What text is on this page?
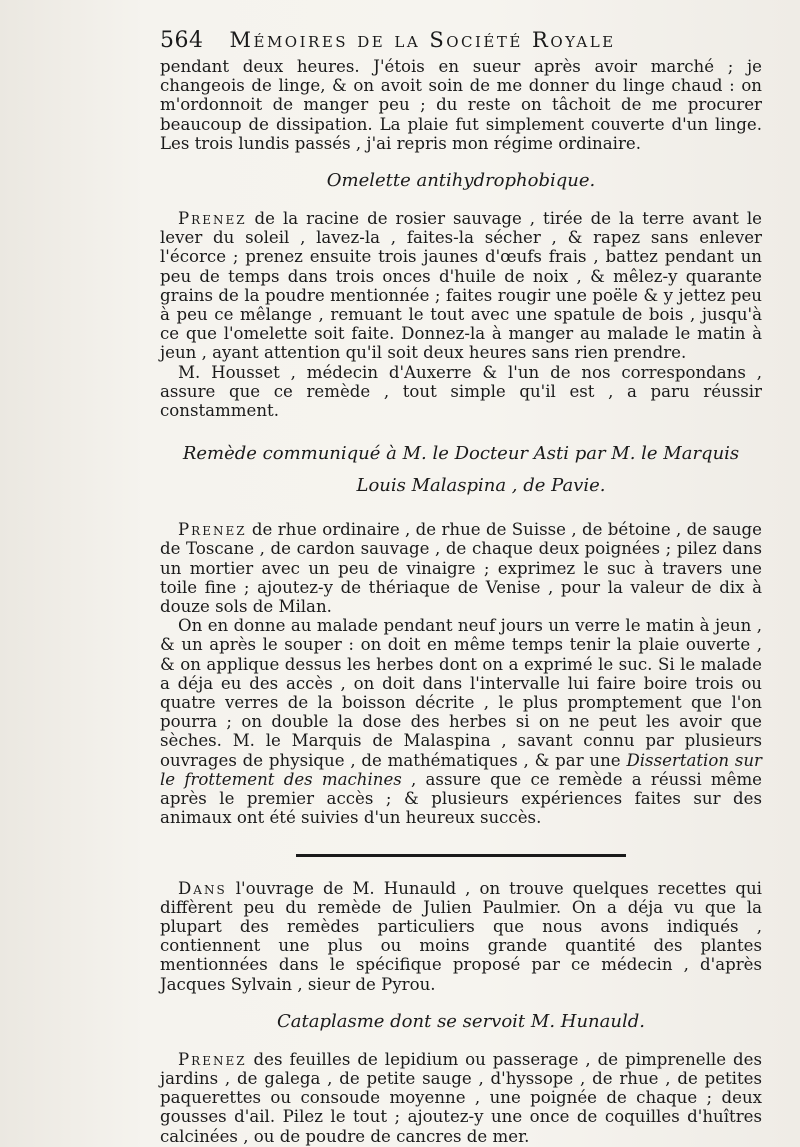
564 Mémoires de la Société Royale

pendant deux heures. J'étois en sueur après avoir marché ; je changeois de linge, & on avoit soin de me donner du linge chaud : on m'ordonnoit de manger peu ; du reste on tâchoit de me procurer beaucoup de dissipation. La plaie fut simplement couverte d'un linge. Les trois lundis passés , j'ai repris mon régime ordinaire.

Omelette antihydrophobique.

Prenez de la racine de rosier sauvage , tirée de la terre avant le lever du soleil , lavez-la , faites-la sécher , & rapez sans enlever l'écorce ; prenez ensuite trois jaunes d'œufs frais , battez pendant un peu de temps dans trois onces d'huile de noix , & mêlez-y quarante grains de la poudre mentionnée ; faites rougir une poële & y jettez peu à peu ce mêlange , remuant le tout avec une spatule de bois , jusqu'à ce que l'omelette soit faite. Donnez-la à manger au malade le matin à jeun , ayant attention qu'il soit deux heures sans rien prendre.

M. Housset , médecin d'Auxerre & l'un de nos correspondans , assure que ce remède , tout simple qu'il est , a paru réussir constamment.

Remède communiqué à M. le Docteur Asti par M. le Marquis
Louis Malaspina , de Pavie.

Prenez de rhue ordinaire , de rhue de Suisse , de bétoine , de sauge de Toscane , de cardon sauvage , de chaque deux poignées ; pilez dans un mortier avec un peu de vinaigre ; exprimez le suc à travers une toile fine ; ajoutez-y de thériaque de Venise , pour la valeur de dix à douze sols de Milan.

On en donne au malade pendant neuf jours un verre le matin à jeun , & un après le souper : on doit en même temps tenir la plaie ouverte , & on applique dessus les herbes dont on a exprimé le suc. Si le malade a déja eu des accès , on doit dans l'intervalle lui faire boire trois ou quatre verres de la boisson décrite , le plus promptement que l'on pourra ; on double la dose des herbes si on ne peut les avoir que sèches. M. le Marquis de Malaspina , savant connu par plusieurs ouvrages de physique , de mathématiques , & par une Dissertation sur le frottement des machines , assure que ce remède a réussi même après le premier accès ; & plusieurs expériences faites sur des animaux ont été suivies d'un heureux succès.

Dans l'ouvrage de M. Hunauld , on trouve quelques recettes qui diffèrent peu du remède de Julien Paulmier. On a déja vu que la plupart des remèdes particuliers que nous avons indiqués , contiennent une plus ou moins grande quantité des plantes mentionnées dans le spécifique proposé par ce médecin , d'après Jacques Sylvain , sieur de Pyrou.

Cataplasme dont se servoit M. Hunauld.

Prenez des feuilles de lepidium ou passerage , de pimprenelle des jardins , de galega , de petite sauge , d'hyssope , de rhue , de petites paquerettes ou consoude moyenne , une poignée de chaque ; deux gousses d'ail. Pilez le tout ; ajoutez-y une once de coquilles d'huîtres calcinées , ou de poudre de cancres de mer.
